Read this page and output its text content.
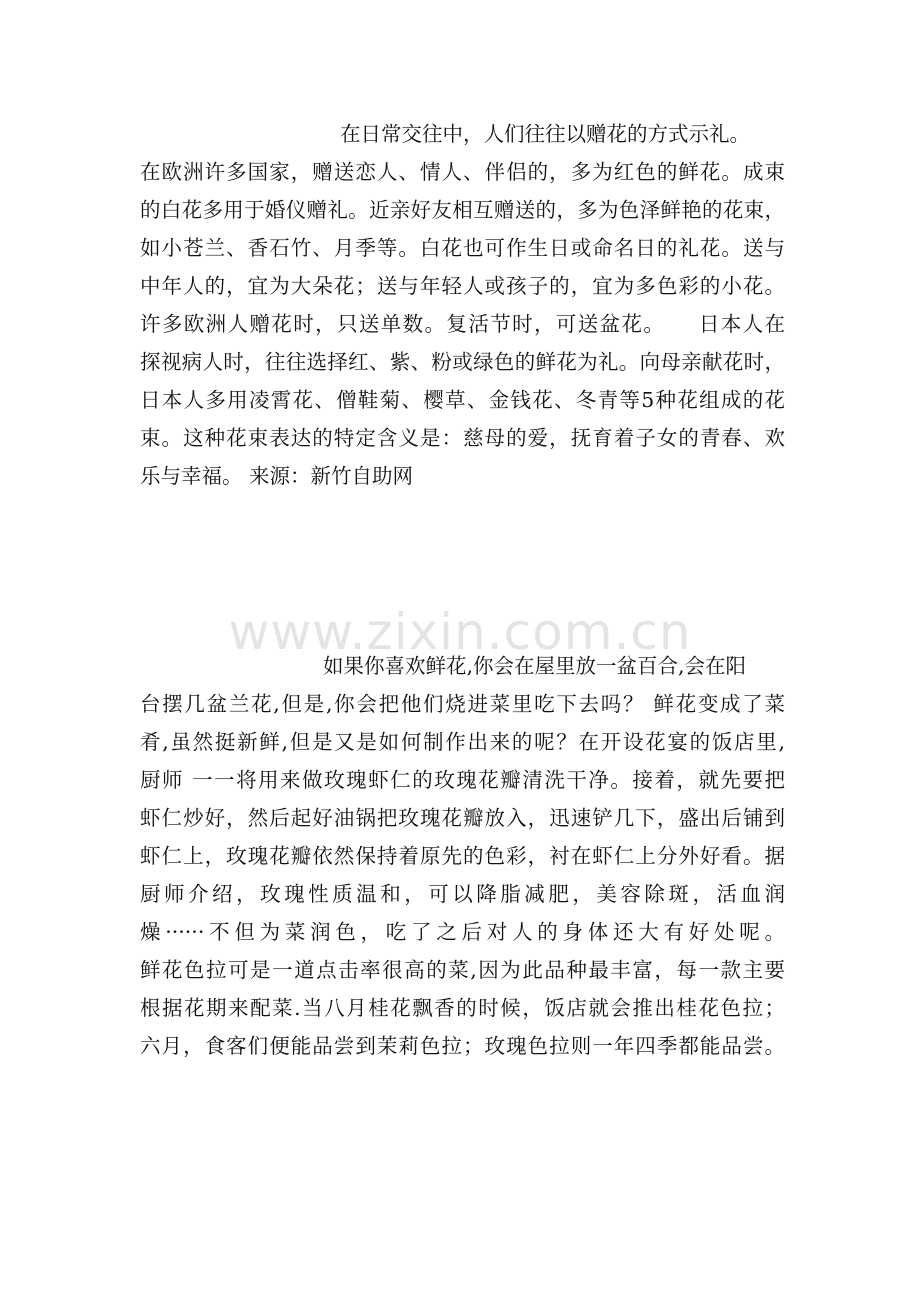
在日常交往中，人们往往以赠花的方式示礼。
在欧洲许多国家，赠送恋人、情人、伴侣的，多为红色的鲜花。成束
的白花多用于婚仪赠礼。近亲好友相互赠送的，多为色泽鲜艳的花束，
如小苍兰、香石竹、月季等。白花也可作生日或命名日的礼花。送与
中年人的，宜为大朵花；送与年轻人或孩子的，宜为多色彩的小花。
许多欧洲人赠花时，只送单数。复活节时，可送盆花。　　日本人在
探视病人时，往往选择红、紫、粉或绿色的鲜花为礼。向母亲献花时，
日本人多用凌霄花、僧鞋菊、樱草、金钱花、冬青等5种花组成的花
束。这种花束表达的特定含义是：慈母的爱，抚育着子女的青春、欢
乐与幸福。 来源：新竹自助网
www.zixin.com.cn
如果你喜欢鲜花,你会在屋里放一盆百合,会在阳
台摆几盆兰花,但是,你会把他们烧进菜里吃下去吗？ 鲜花变成了菜
肴,虽然挺新鲜,但是又是如何制作出来的呢？在开设花宴的饭店里,
厨师 一一将用来做玫瑰虾仁的玫瑰花瓣清洗干净。接着，就先要把
虾仁炒好，然后起好油锅把玫瑰花瓣放入，迅速铲几下，盛出后铺到
虾仁上，玫瑰花瓣依然保持着原先的色彩，衬在虾仁上分外好看。据
厨师介绍，玫瑰性质温和，可以降脂减肥，美容除斑，活血润
燥······不但为菜润色，吃了之后对人的身体还大有好处呢。
鲜花色拉可是一道点击率很高的菜,因为此品种最丰富，每一款主要
根据花期来配菜.当八月桂花飘香的时候，饭店就会推出桂花色拉；
六月，食客们便能品尝到茉莉色拉；玫瑰色拉则一年四季都能品尝。
